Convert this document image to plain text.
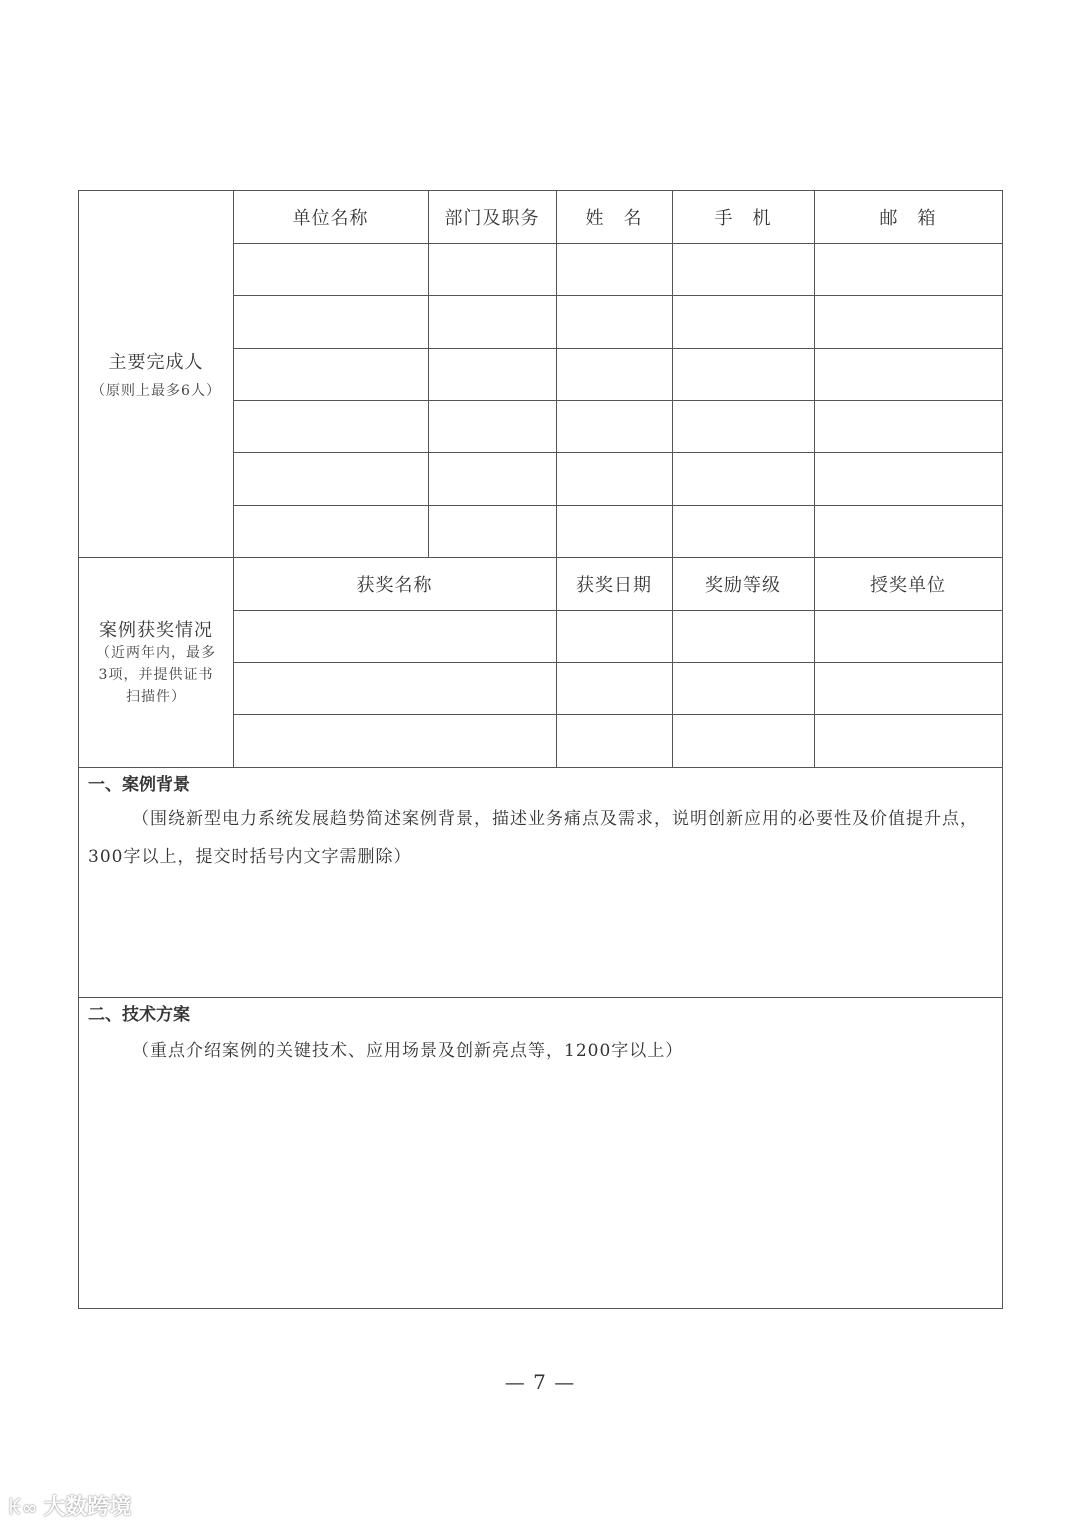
主要完成人
（原则上最多6人）
单位名称	部门及职务	姓　名	手　机	邮　箱
案例获奖情况
（近两年内，最多3项，并提供证书扫描件）
获奖名称	获奖日期	奖励等级	授奖单位
一、案例背景
（围绕新型电力系统发展趋势简述案例背景，描述业务痛点及需求，说明创新应用的必要性及价值提升点，300字以上，提交时括号内文字需删除）
二、技术方案
（重点介绍案例的关键技术、应用场景及创新亮点等，1200字以上）
— 7 —
ꀘ∞ 大数跨境
